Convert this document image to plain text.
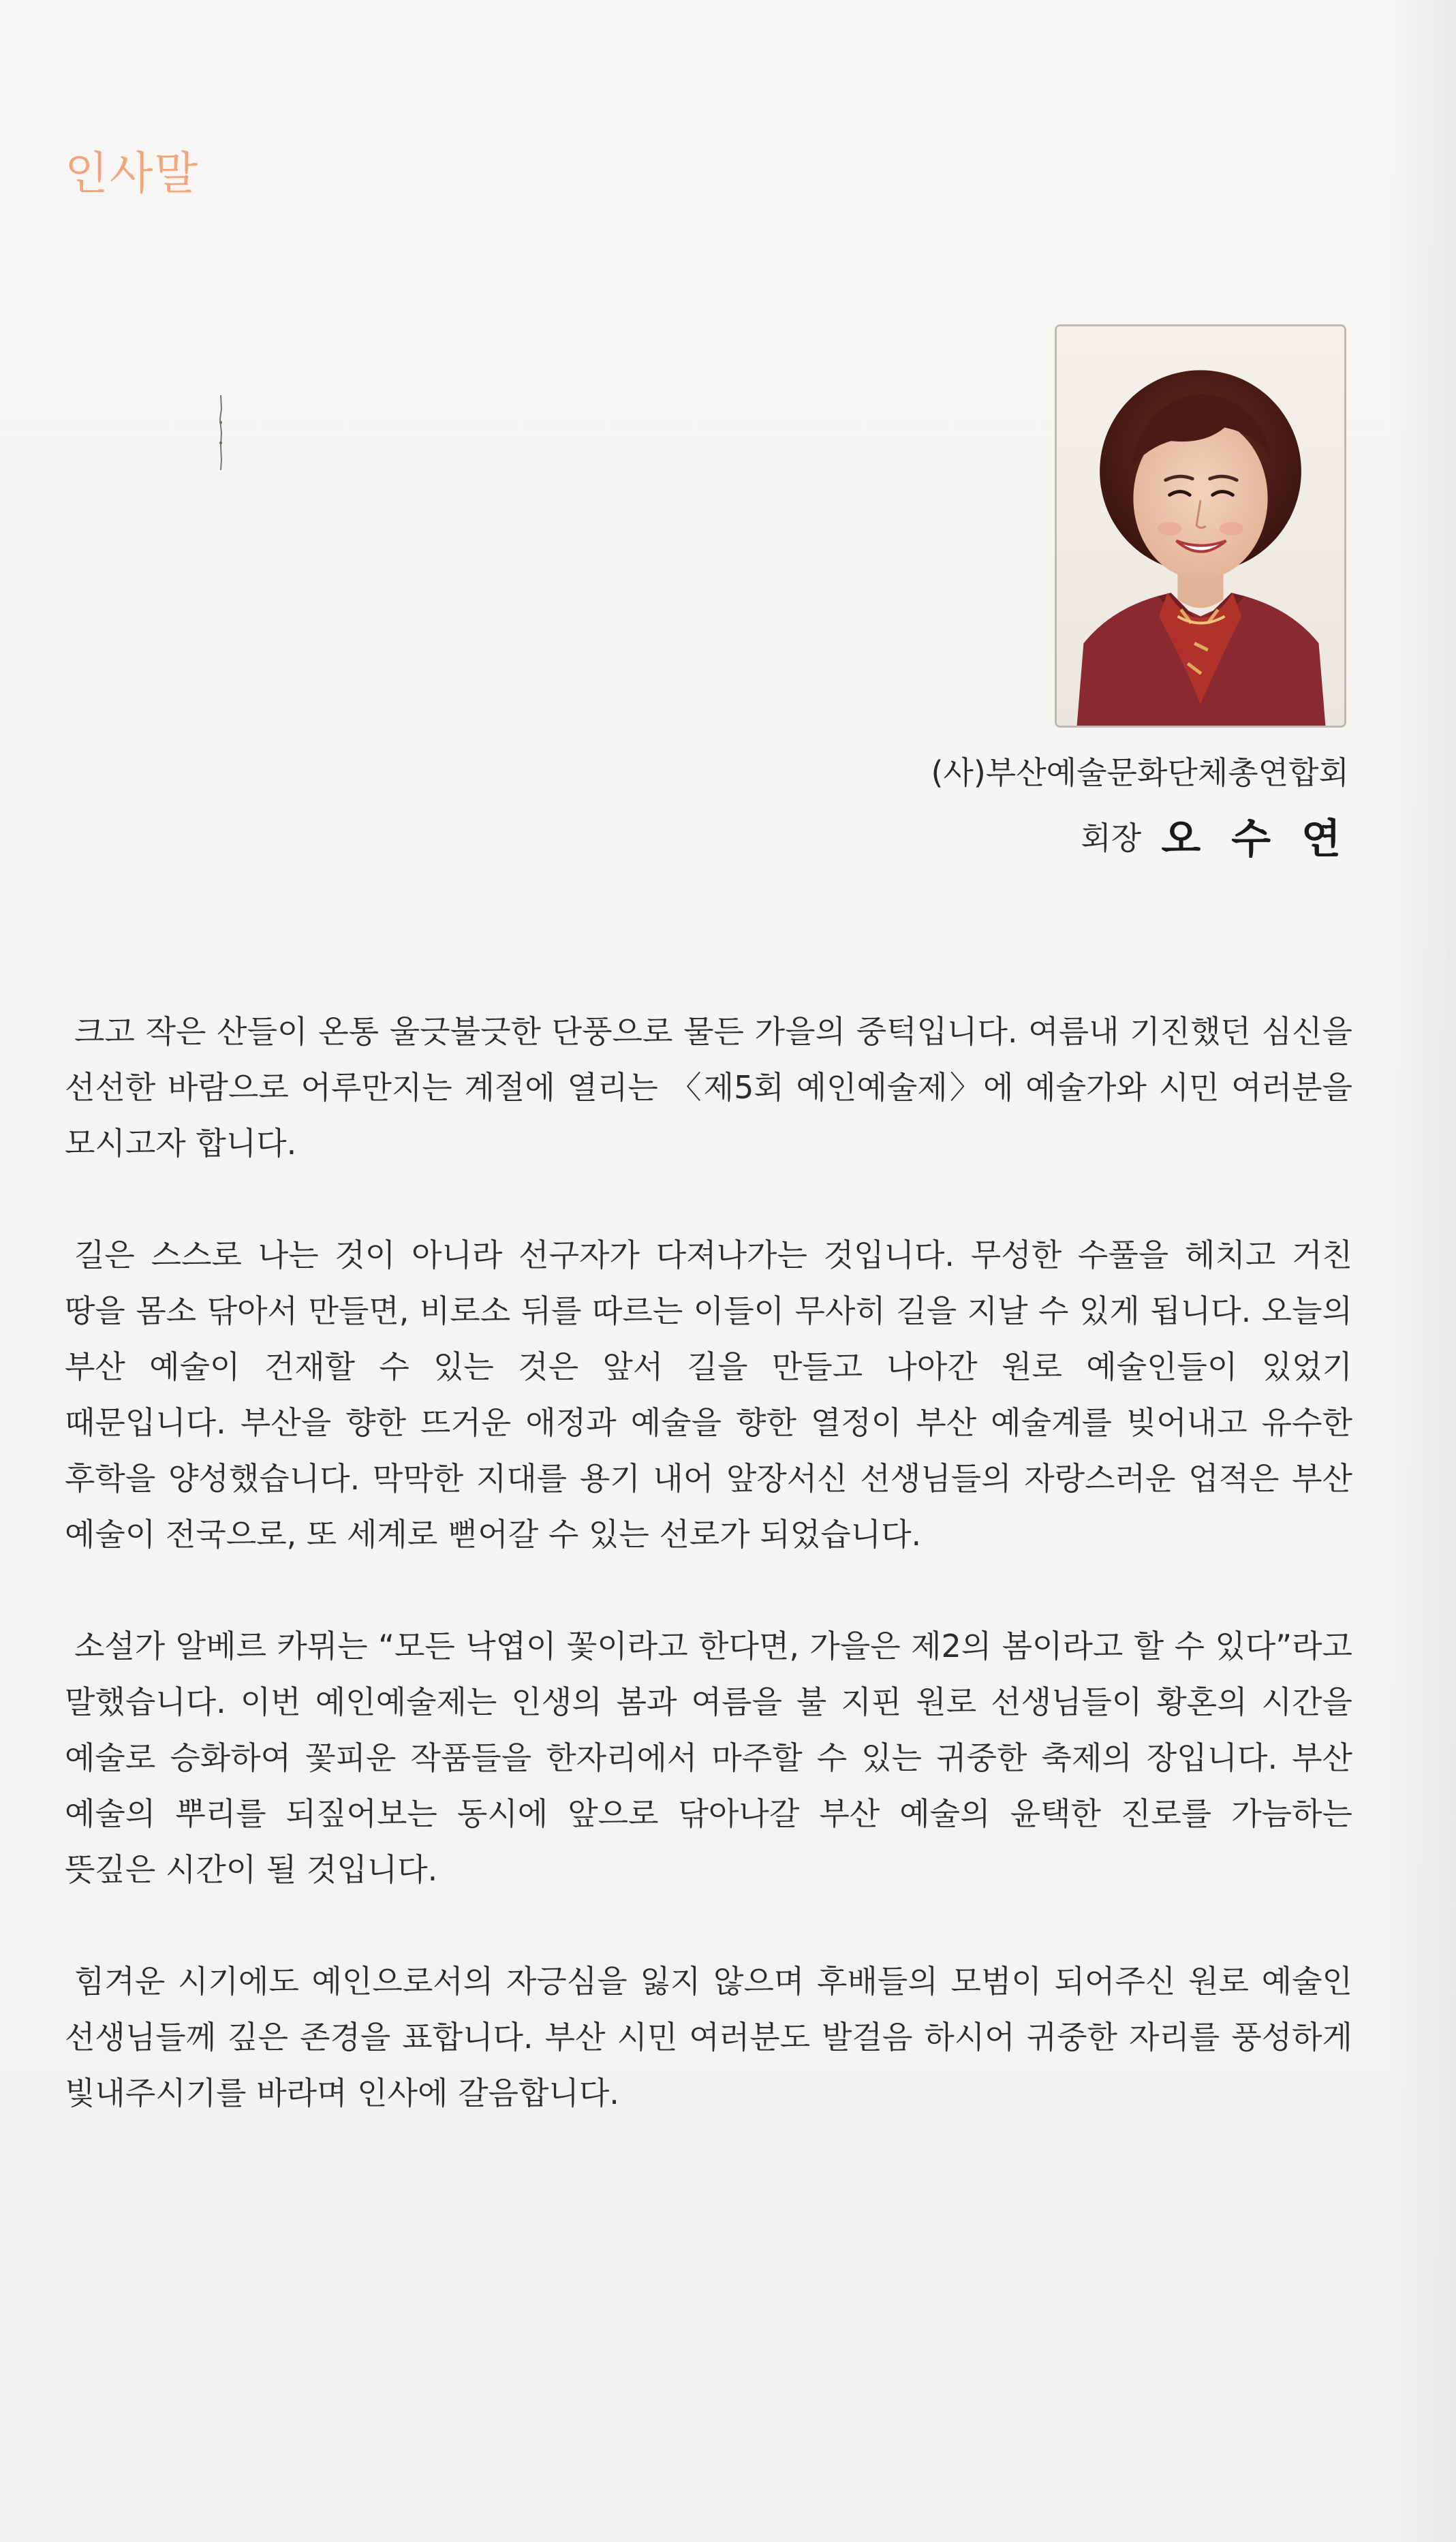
인사말
(사)부산예술문화단체총연합회
회장 오 수 연

크고 작은 산들이 온통 울긋불긋한 단풍으로 물든 가을의 중턱입니다. 여름내 기진했던 심신을 선선한 바람으로 어루만지는 계절에 열리는 〈제5회 예인예술제〉에 예술가와 시민 여러분을 모시고자 합니다.

길은 스스로 나는 것이 아니라 선구자가 다져나가는 것입니다. 무성한 수풀을 헤치고 거친 땅을 몸소 닦아서 만들면, 비로소 뒤를 따르는 이들이 무사히 길을 지날 수 있게 됩니다. 오늘의 부산 예술이 건재할 수 있는 것은 앞서 길을 만들고 나아간 원로 예술인들이 있었기 때문입니다. 부산을 향한 뜨거운 애정과 예술을 향한 열정이 부산 예술계를 빚어내고 유수한 후학을 양성했습니다. 막막한 지대를 용기 내어 앞장서신 선생님들의 자랑스러운 업적은 부산 예술이 전국으로, 또 세계로 뻗어갈 수 있는 선로가 되었습니다.

소설가 알베르 카뮈는 “모든 낙엽이 꽃이라고 한다면, 가을은 제2의 봄이라고 할 수 있다”라고 말했습니다. 이번 예인예술제는 인생의 봄과 여름을 불 지핀 원로 선생님들이 황혼의 시간을 예술로 승화하여 꽃피운 작품들을 한자리에서 마주할 수 있는 귀중한 축제의 장입니다. 부산 예술의 뿌리를 되짚어보는 동시에 앞으로 닦아나갈 부산 예술의 윤택한 진로를 가늠하는 뜻깊은 시간이 될 것입니다.

힘겨운 시기에도 예인으로서의 자긍심을 잃지 않으며 후배들의 모범이 되어주신 원로 예술인 선생님들께 깊은 존경을 표합니다. 부산 시민 여러분도 발걸음 하시어 귀중한 자리를 풍성하게 빛내주시기를 바라며 인사에 갈음합니다.
